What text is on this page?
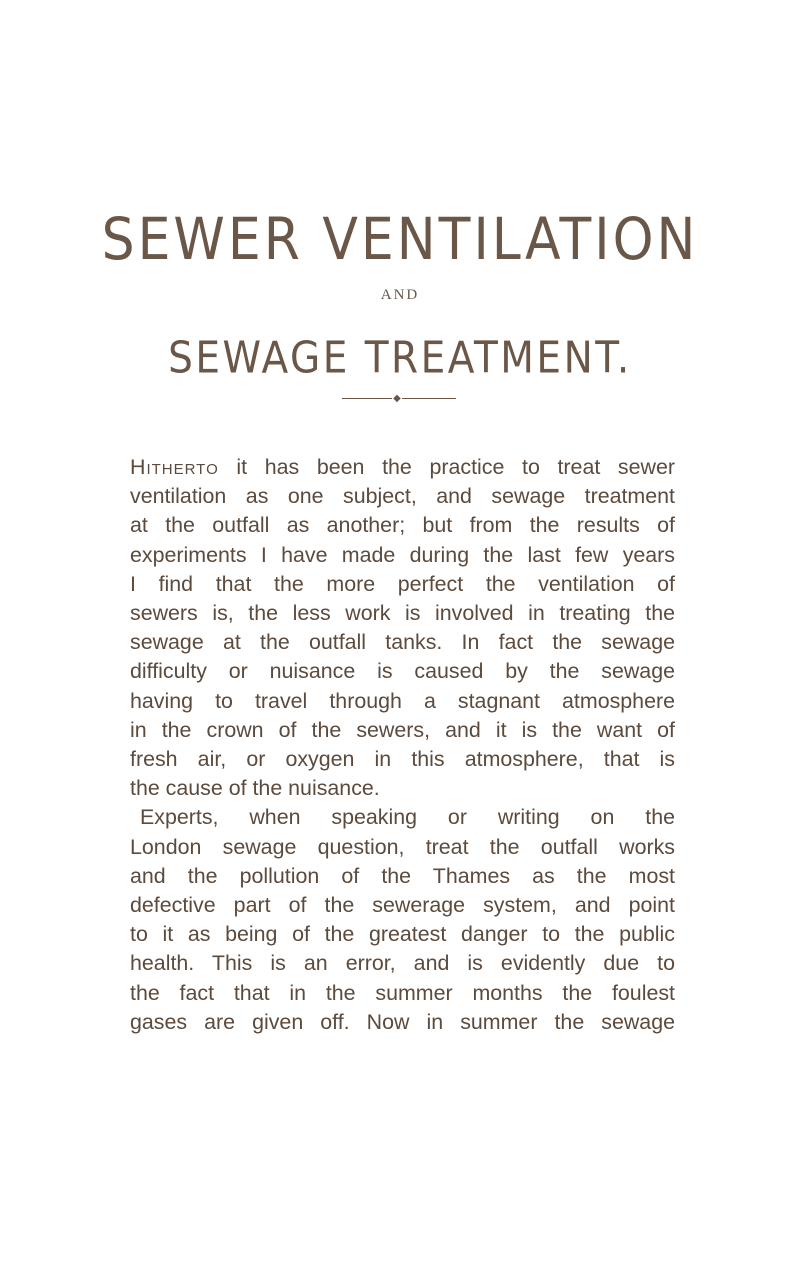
SEWER VENTILATION
AND
SEWAGE TREATMENT.
◆
Hitherto it has been the practice to treat sewer
ventilation as one subject, and sewage treatment
at the outfall as another; but from the results of
experiments I have made during the last few years
I find that the more perfect the ventilation of
sewers is, the less work is involved in treating the
sewage at the outfall tanks. In fact the sewage
difficulty or nuisance is caused by the sewage
having to travel through a stagnant atmosphere
in the crown of the sewers, and it is the want of
fresh air, or oxygen in this atmosphere, that is
the cause of the nuisance.
Experts, when speaking or writing on the
London sewage question, treat the outfall works
and the pollution of the Thames as the most
defective part of the sewerage system, and point
to it as being of the greatest danger to the public
health. This is an error, and is evidently due to
the fact that in the summer months the foulest
gases are given off. Now in summer the sewage
